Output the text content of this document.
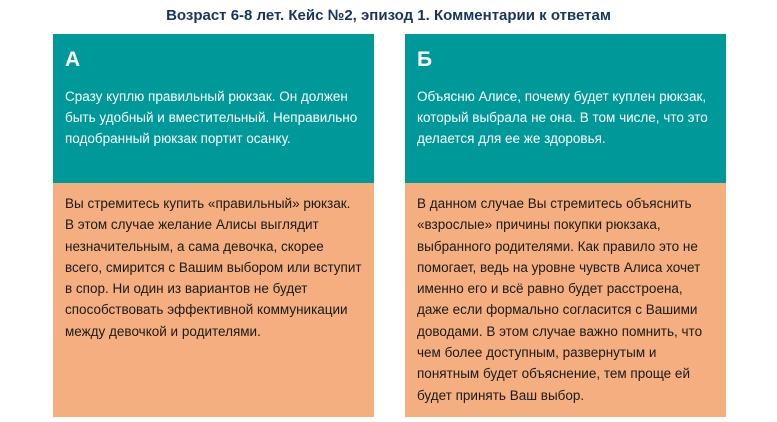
Возраст 6-8 лет. Кейс №2, эпизод 1. Комментарии к ответам
А
Сразу куплю правильный рюкзак. Он должен быть удобный и вместительный. Неправильно подобранный рюкзак портит осанку.
Вы стремитесь купить «правильный» рюкзак. В этом случае желание Алисы выглядит незначительным, а сама девочка, скорее всего, смирится с Вашим выбором или вступит в спор. Ни один из вариантов не будет способствовать эффективной коммуникации между девочкой и родителями.
Б
Объясню Алисе, почему будет куплен рюкзак, который выбрала не она. В том числе, что это делается для ее же здоровья.
В данном случае Вы стремитесь объяснить «взрослые» причины покупки рюкзака, выбранного родителями. Как правило это не помогает, ведь на уровне чувств Алиса хочет именно его и всё равно будет расстроена, даже если формально согласится с Вашими доводами. В этом случае важно помнить, что чем более доступным, развернутым и понятным будет объяснение, тем проще ей будет принять Ваш выбор.
